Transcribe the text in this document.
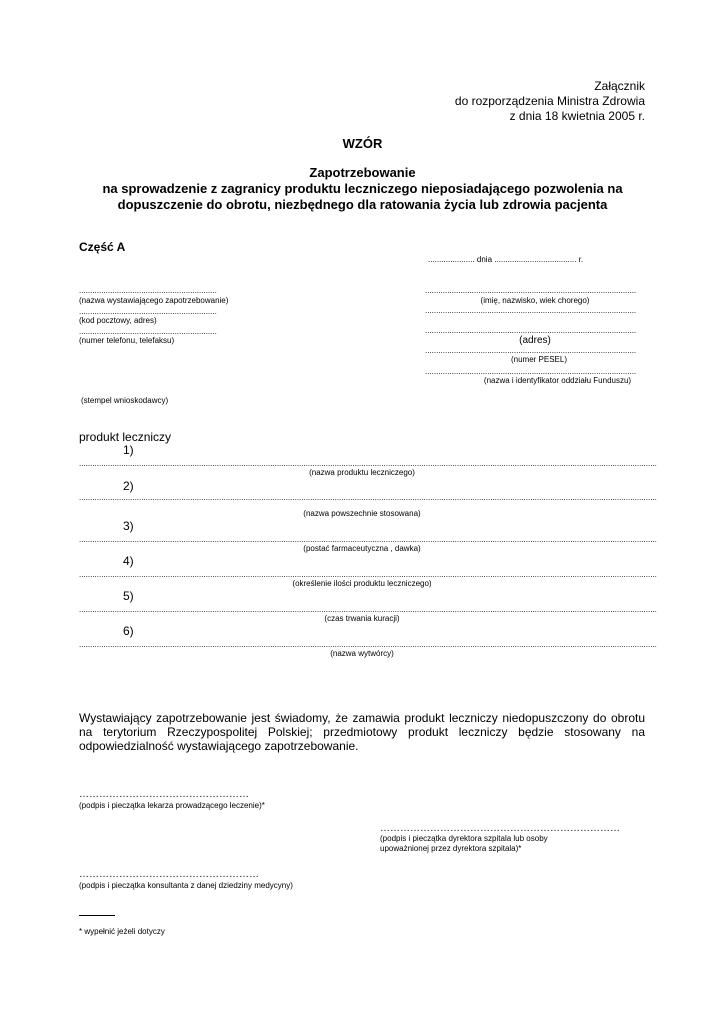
Załącznik
do rozporządzenia Ministra Zdrowia
z dnia 18 kwietnia 2005 r.
WZÓR
Zapotrzebowanie
na sprowadzenie z zagranicy produktu leczniczego nieposiadającego pozwolenia na
dopuszczenie do obrotu, niezbędnego dla ratowania życia lub zdrowia pacjenta
Część A
..................... dnia ..................................... r.
..............................................................
(nazwa wystawiającego zapotrzebowanie)
..............................................................
(kod pocztowy, adres)
..............................................................
(numer telefonu, telefaksu)
(stempel wnioskodawcy)
...............................................................................................
(imię, nazwisko, wiek chorego)
...............................................................................................
...............................................................................................
(adres)
...............................................................................................
(numer PESEL)
...............................................................................................
(nazwa i identyfikator oddziału Funduszu)
produkt leczniczy
1)
....................................................................................................................................................................................................................................................................
(nazwa produktu leczniczego)
2)
....................................................................................................................................................................................................................................................................
(nazwa powszechnie stosowana)
3)
....................................................................................................................................................................................................................................................................
(postać farmaceutyczna , dawka)
4)
....................................................................................................................................................................................................................................................................
(określenie ilości produktu leczniczego)
5)
....................................................................................................................................................................................................................................................................
(czas trwania kuracji)
6)
....................................................................................................................................................................................................................................................................
(nazwa wytwórcy)
Wystawiający zapotrzebowanie jest świadomy, że zamawia produkt leczniczy niedopuszczony do obrotu na terytorium Rzeczypospolitej Polskiej; przedmiotowy produkt leczniczy będzie stosowany na odpowiedzialność wystawiającego zapotrzebowanie.
……………………………………………
(podpis i pieczątka lekarza prowadzącego leczenie)*
………………………………………………………………
(podpis i pieczątka dyrektora szpitala lub osoby
upoważnionej przez dyrektora szpitala)*
………………………………………………
(podpis i pieczątka konsultanta z danej dziedziny medycyny)
* wypełnić jeżeli dotyczy
